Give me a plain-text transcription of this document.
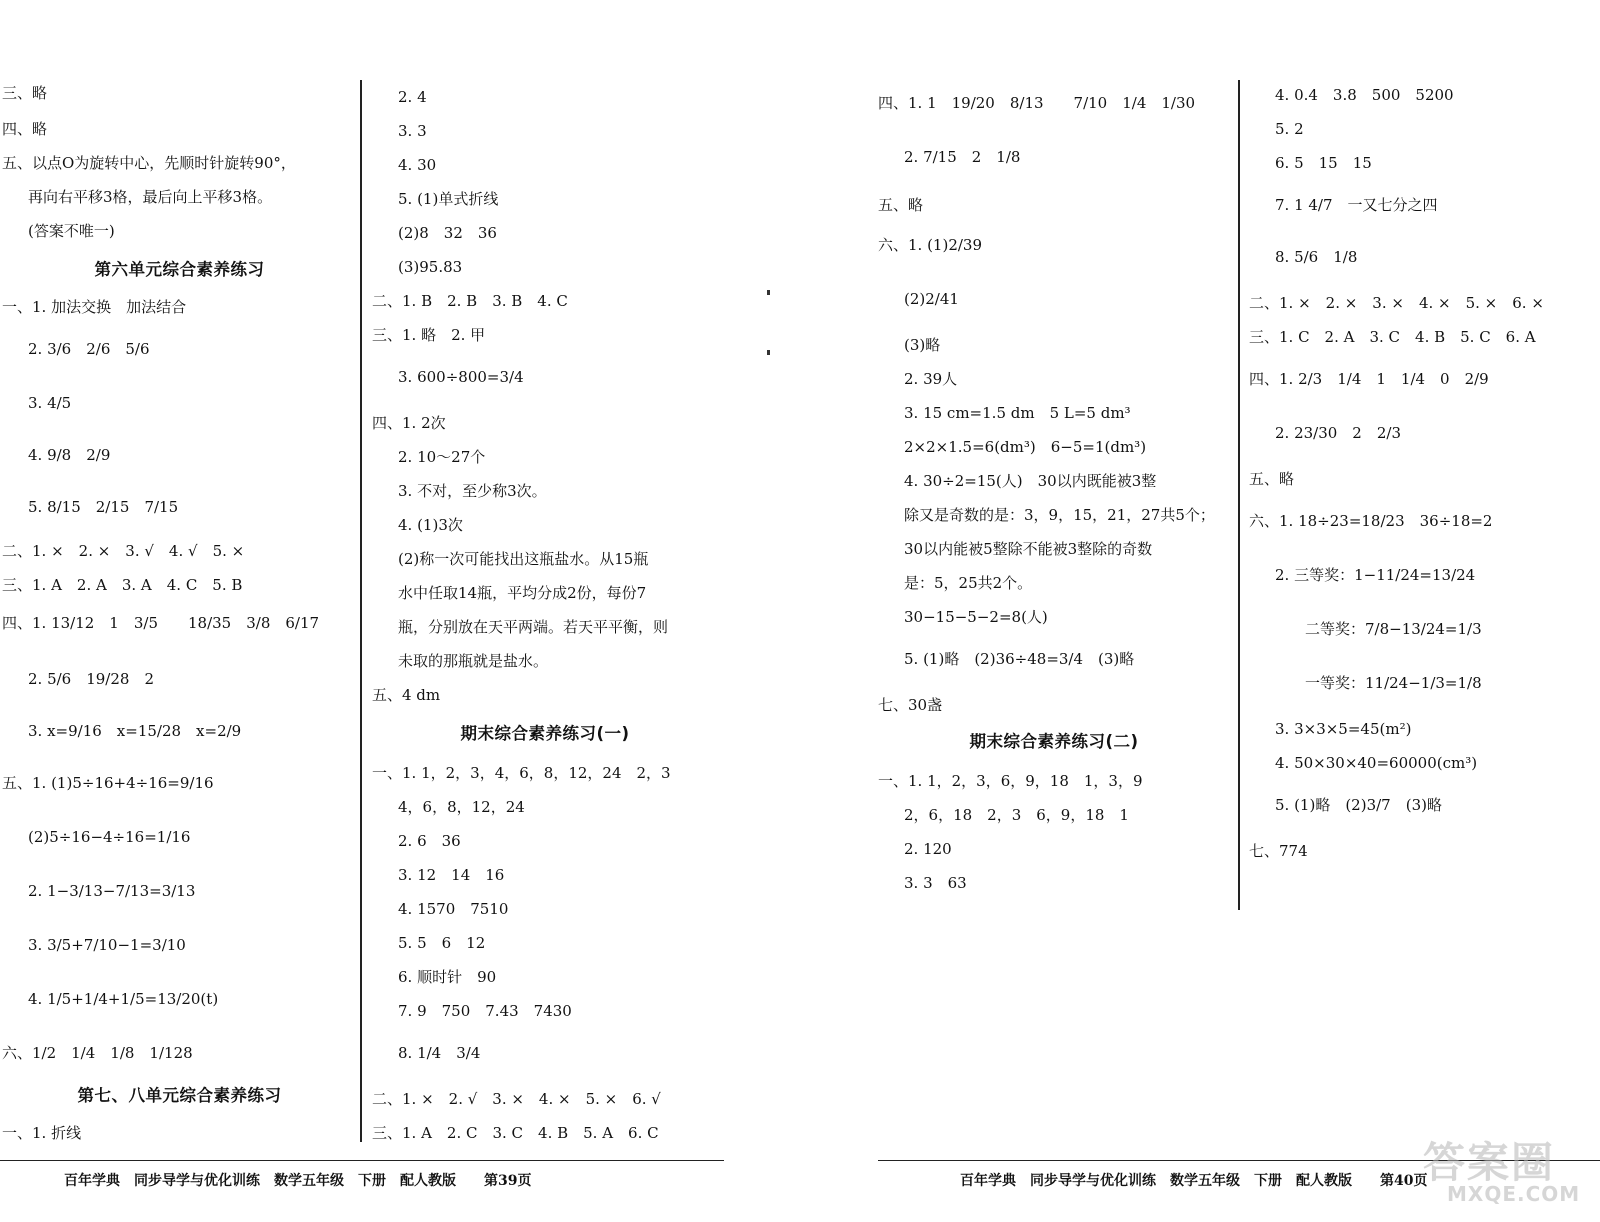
三、略
四、略
五、以点O为旋转中心，先顺时针旋转90°，
再向右平移3格，最后向上平移3格。
(答案不唯一)
第六单元综合素养练习
一、1. 加法交换　加法结合
2. 3/6　2/6　5/6
3. 4/5
4. 9/8　2/9
5. 8/15　2/15　7/15
二、1. ×　2. ×　3. √　4. √　5. ×
三、1. A　2. A　3. A　4. C　5. B
四、1. 13/12　1　3/5　　18/35　3/8　6/17
2. 5/6　19/28　2
3. x=9/16　x=15/28　x=2/9
五、1. (1)5÷16+4÷16=9/16
(2)5÷16−4÷16=1/16
2. 1−3/13−7/13=3/13
3. 3/5+7/10−1=3/10
4. 1/5+1/4+1/5=13/20(t)
六、1/2　1/4　1/8　1/128
第七、八单元综合素养练习
一、1. 折线
2. 4
3. 3
4. 30
5. (1)单式折线
(2)8　32　36
(3)95.83
二、1. B　2. B　3. B　4. C
三、1. 略　2. 甲
3. 600÷800=3/4
四、1. 2次
2. 10～27个
3. 不对，至少称3次。
4. (1)3次
(2)称一次可能找出这瓶盐水。从15瓶
水中任取14瓶，平均分成2份，每份7
瓶，分别放在天平两端。若天平平衡，则
未取的那瓶就是盐水。
五、4 dm
期末综合素养练习(一)
一、1. 1，2，3，4，6，8，12，24　2，3
4，6，8，12，24
2. 6　36
3. 12　14　16
4. 1570　7510
5. 5　6　12
6. 顺时针　90
7. 9　750　7.43　7430
8. 1/4　3/4
二、1. ×　2. √　3. ×　4. ×　5. ×　6. √
三、1. A　2. C　3. C　4. B　5. A　6. C
四、1. 1　19/20　8/13　　7/10　1/4　1/30
2. 7/15　2　1/8
五、略
六、1. (1)2/39
(2)2/41
(3)略
2. 39人
3. 15 cm=1.5 dm　5 L=5 dm³
2×2×1.5=6(dm³)　6−5=1(dm³)
4. 30÷2=15(人)　30以内既能被3整
除又是奇数的是：3，9，15，21，27共5个；
30以内能被5整除不能被3整除的奇数
是：5，25共2个。
30−15−5−2=8(人)
5. (1)略　(2)36÷48=3/4　(3)略
七、30盏
期末综合素养练习(二)
一、1. 1，2，3，6，9，18　1，3，9
2，6，18　2，3　6，9，18　1
2. 120
3. 3　63
4. 0.4　3.8　500　5200
5. 2
6. 5　15　15
7. 1 4/7　一又七分之四
8. 5/6　1/8
二、1. ×　2. ×　3. ×　4. ×　5. ×　6. ×
三、1. C　2. A　3. C　4. B　5. C　6. A
四、1. 2/3　1/4　1　1/4　0　2/9
2. 23/30　2　2/3
五、略
六、1. 18÷23=18/23　36÷18=2
2. 三等奖：1−11/24=13/24
二等奖：7/8−13/24=1/3
一等奖：11/24−1/3=1/8
3. 3×3×5=45(m²)
4. 50×30×40=60000(cm³)
5. (1)略　(2)3/7　(3)略
七、774
百年学典　同步导学与优化训练　数学五年级　下册　配人教版　　第39页	百年学典　同步导学与优化训练　数学五年级　下册　配人教版　　第40页
答案圈
MXQE.COM
